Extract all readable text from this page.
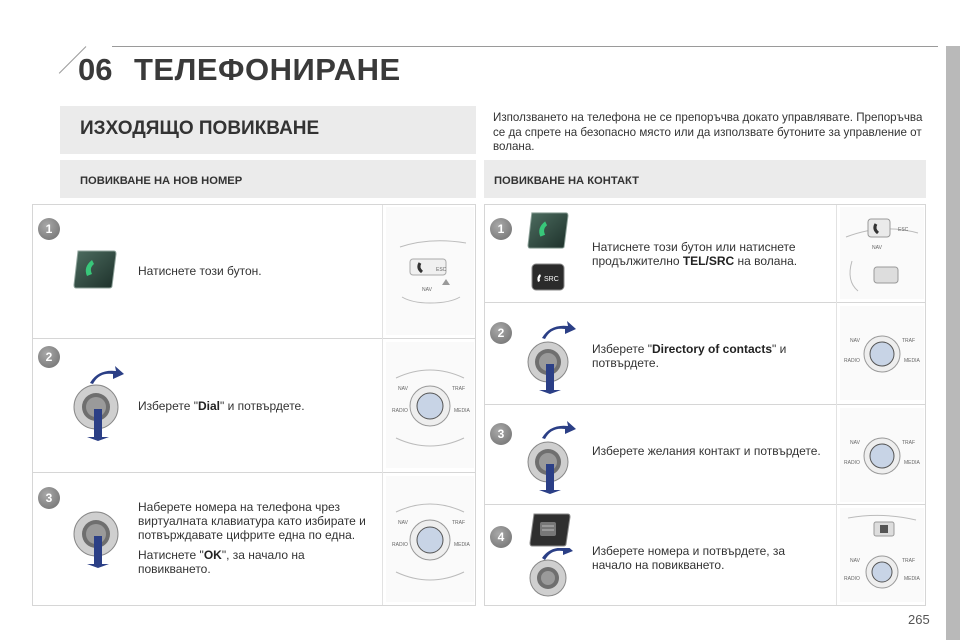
06 ТЕЛЕФОНИРАНЕ
ИЗХОДЯЩО ПОВИКВАНЕ
Използването на телефона не се препоръчва докато управлявате. Препоръчва се да спрете на безопасно място или да използвате бутоните за управление от волана.
ПОВИКВАНЕ НА НОВ НОМЕР	ПОВИКВАНЕ НА КОНТАКТ
1
2
3
Натиснете този бутон.	ESC
NAV
Изберете "Dial" и потвърдете.
NAV	TRAF
RADIO	MEDIA
Наберете номера на телефона чрез виртуалната клавиатура като избирате и потвърждавате цифрите една по една.
Натиснете "OK", за начало на повикването.
NAV	TRAF
RADIO	MEDIA
1
2
3
4
SRC
Натиснете този бутон или натиснете продължително TEL/SRC на волана.
ESC
NAV
Изберете "Directory of contacts" и потвърдете.
NAV	TRAF
RADIO	MEDIA
Изберете желания контакт и потвърдете.
NAV	TRAF
RADIO	MEDIA
Изберете номера и потвърдете, за начало на повикването.	NAV	TRAF
RADIO	MEDIA
265
